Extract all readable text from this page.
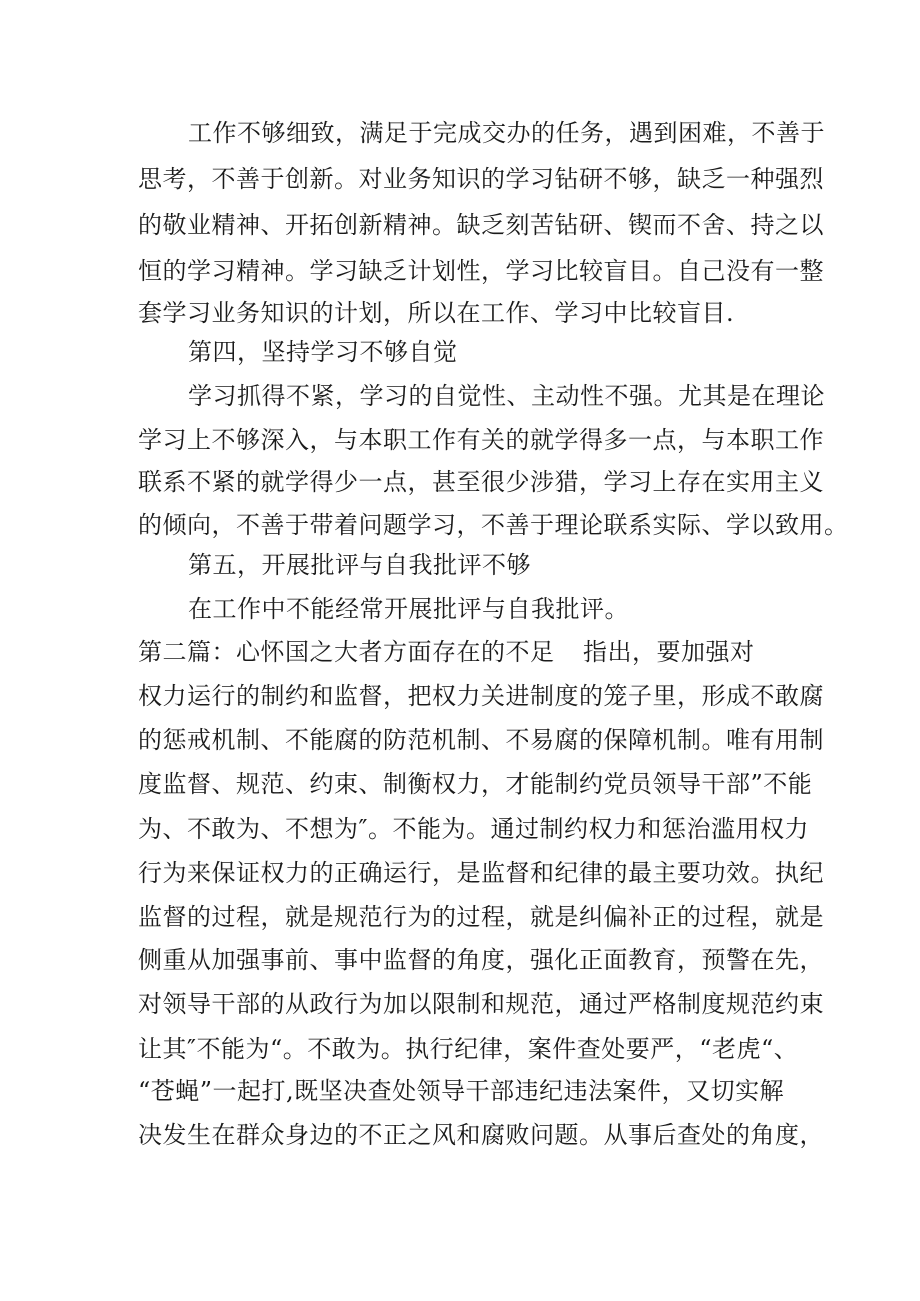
工作不够细致，满足于完成交办的任务，遇到困难，不善于
思考，不善于创新。对业务知识的学习钻研不够，缺乏一种强烈
的敬业精神、开拓创新精神。缺乏刻苦钻研、锲而不舍、持之以
恒的学习精神。学习缺乏计划性，学习比较盲目。自己没有一整
套学习业务知识的计划，所以在工作、学习中比较盲目.
第四，坚持学习不够自觉
学习抓得不紧，学习的自觉性、主动性不强。尤其是在理论
学习上不够深入，与本职工作有关的就学得多一点，与本职工作
联系不紧的就学得少一点，甚至很少涉猎，学习上存在实用主义
的倾向，不善于带着问题学习，不善于理论联系实际、学以致用。
第五，开展批评与自我批评不够
在工作中不能经常开展批评与自我批评。
第二篇：心怀国之大者方面存在的不足 指出，要加强对
权力运行的制约和监督，把权力关进制度的笼子里，形成不敢腐
的惩戒机制、不能腐的防范机制、不易腐的保障机制。唯有用制
度监督、规范、约束、制衡权力，才能制约党员领导干部”不能
为、不敢为、不想为″。不能为。通过制约权力和惩治滥用权力
行为来保证权力的正确运行，是监督和纪律的最主要功效。执纪
监督的过程，就是规范行为的过程，就是纠偏补正的过程，就是
侧重从加强事前、事中监督的角度，强化正面教育，预警在先，
对领导干部的从政行为加以限制和规范，通过严格制度规范约束
让其″不能为“。不敢为。执行纪律，案件查处要严，“老虎“、
“苍蝇”一起打,既坚决查处领导干部违纪违法案件，又切实解
决发生在群众身边的不正之风和腐败问题。从事后查处的角度，
